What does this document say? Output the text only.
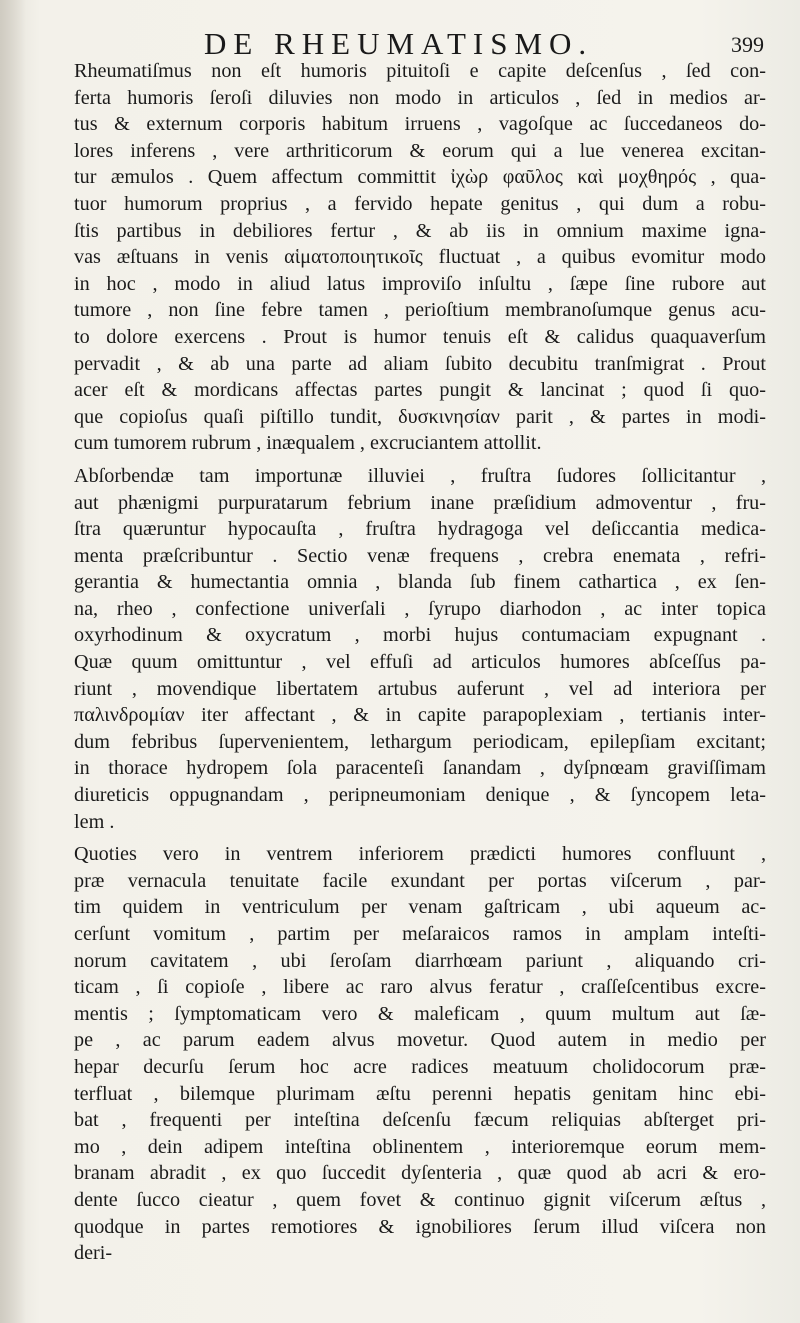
DE RHEUMATISMO.	399

Rheumatiſmus non eſt humoris pituitoſi e capite deſcenſus , ſed con-
ferta humoris ſeroſi diluvies non modo in articulos , ſed in medios ar-
tus & externum corporis habitum irruens , vagoſque ac ſuccedaneos do-
lores inferens , vere arthriticorum & eorum qui a lue venerea excitan-
tur æmulos . Quem affectum committit ἰχὼρ φαῦλος καὶ μοχθηρός , qua-
tuor humorum proprius , a fervido hepate genitus , qui dum a robu-
ſtis partibus in debiliores fertur , & ab iis in omnium maxime igna-
vas æſtuans in venis αἱματοποιητικοῖς fluctuat , a quibus evomitur modo
in hoc , modo in aliud latus improviſo inſultu , ſæpe ſine rubore aut
tumore , non ſine febre tamen , perioſtium membranoſumque genus acu-
to dolore exercens . Prout is humor tenuis eſt & calidus quaquaverſum
pervadit , & ab una parte ad aliam ſubito decubitu tranſmigrat . Prout
acer eſt & mordicans affectas partes pungit & lancinat ; quod ſi quo-
que copioſus quaſi piſtillo tundit, δυσκινησίαν parit , & partes in modi-
cum tumorem rubrum , inæqualem , excruciantem attollit.

Abſorbendæ tam importunæ illuviei , fruſtra ſudores ſollicitantur ,
aut phænigmi purpuratarum febrium inane præſidium admoventur , fru-
ſtra quæruntur hypocauſta , fruſtra hydragoga vel deſiccantia medica-
menta præſcribuntur . Sectio venæ frequens , crebra enemata , refri-
gerantia & humectantia omnia , blanda ſub finem cathartica , ex ſen-
na, rheo , confectione univerſali , ſyrupo diarhodon , ac inter topica
oxyrhodinum & oxycratum , morbi hujus contumaciam expugnant .
Quæ quum omittuntur , vel effuſi ad articulos humores abſceſſus pa-
riunt , movendique libertatem artubus auferunt , vel ad interiora per
παλινδρομίαν iter affectant , & in capite parapoplexiam , tertianis inter-
dum febribus ſupervenientem, lethargum periodicam, epilepſiam excitant;
in thorace hydropem ſola paracenteſi ſanandam , dyſpnœam graviſſimam
diureticis oppugnandam , peripneumoniam denique , & ſyncopem leta-
lem .

Quoties vero in ventrem inferiorem prædicti humores confluunt ,
præ vernacula tenuitate facile exundant per portas viſcerum , par-
tim quidem in ventriculum per venam gaſtricam , ubi aqueum ac-
cerſunt vomitum , partim per meſaraicos ramos in amplam inteſti-
norum cavitatem , ubi ſeroſam diarrhœam pariunt , aliquando cri-
ticam , ſi copioſe , libere ac raro alvus feratur , craſſeſcentibus excre-
mentis ; ſymptomaticam vero & maleficam , quum multum aut ſæ-
pe , ac parum eadem alvus movetur. Quod autem in medio per
hepar decurſu ſerum hoc acre radices meatuum cholidocorum præ-
terfluat , bilemque plurimam æſtu perenni hepatis genitam hinc ebi-
bat , frequenti per inteſtina deſcenſu fæcum reliquias abſterget pri-
mo , dein adipem inteſtina oblinentem , interioremque eorum mem-
branam abradit , ex quo ſuccedit dyſenteria , quæ quod ab acri & ero-
dente ſucco cieatur , quem fovet & continuo gignit viſcerum æſtus ,
quodque in partes remotiores & ignobiliores ſerum illud viſcera non
deri-
